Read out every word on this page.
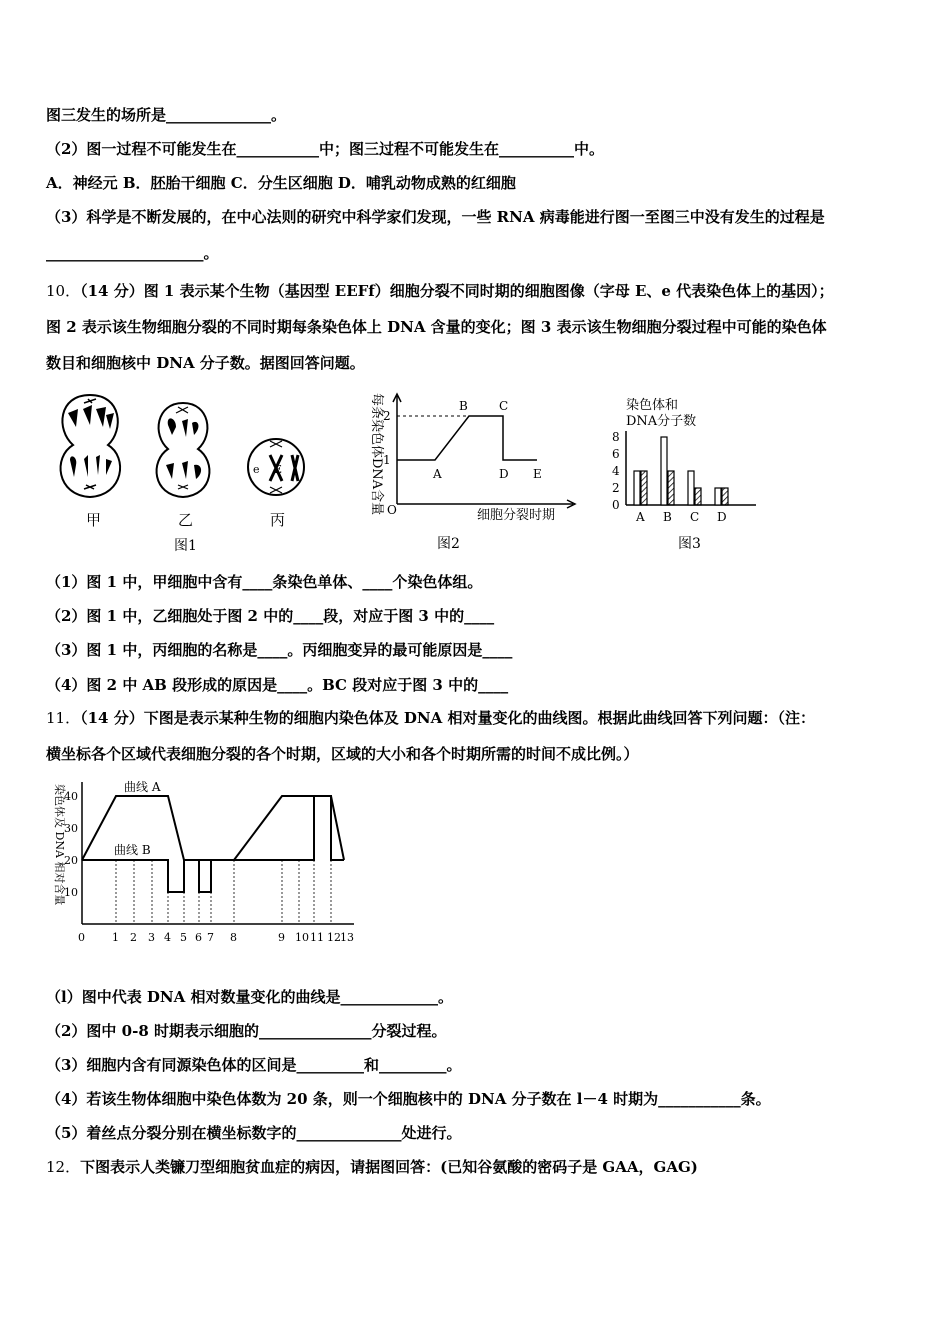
图三发生的场所是______________。
（2）图一过程不可能发生在___________中；图三过程不可能发生在__________中。
A．神经元 B．胚胎干细胞 C．分生区细胞 D．哺乳动物成熟的红细胞
（3）科学是不断发展的，在中心法则的研究中科学家们发现，一些 RNA 病毒能进行图一至图三中没有发生的过程是
_____________________。
10．（14 分）图 1 表示某个生物（基因型 EEFf）细胞分裂不同时期的细胞图像（字母 E、e 代表染色体上的基因）；
图 2 表示该生物细胞分裂的不同时期每条染色体上 DNA 含量的变化；图 3 表示该生物细胞分裂过程中可能的染色体
数目和细胞核中 DNA 分子数。据图回答问题。
甲	乙
e E
丙
图1
每条染色体DNA含量 O
1
2
A
B	C
D E
细胞分裂时期
图2
染色体和
DNA分子数
0
2
4
6
8
A B C D
图3
（1）图 1 中，甲细胞中含有____条染色单体、____个染色体组。
（2）图 1 中，乙细胞处于图 2 中的____段，对应于图 3 中的____
（3）图 1 中，丙细胞的名称是____。丙细胞变异的最可能原因是____
（4）图 2 中 AB 段形成的原因是____。BC 段对应于图 3 中的____
11．（14 分）下图是表示某种生物的细胞内染色体及 DNA 相对量变化的曲线图。根据此曲线回答下列问题：（注：
横坐标各个区域代表细胞分裂的各个时期，区域的大小和各个时期所需的时间不成比例。）
染色体及 DNA 相对含量
10
20
30
40
0 1 2 3 4 5 6 7 8	9 10 11 12 13
曲线 A
曲线 B
（l）图中代表 DNA 相对数量变化的曲线是_____________。
（2）图中 0-8 时期表示细胞的_______________分裂过程。
（3）细胞内含有同源染色体的区间是_________和_________。
（4）若该生物体细胞中染色体数为 20 条，则一个细胞核中的 DNA 分子数在 l－4 时期为___________条。
（5）着丝点分裂分别在横坐标数字的______________处进行。
12．下图表示人类镰刀型细胞贫血症的病因，请据图回答：(已知谷氨酸的密码子是 GAA，GAG)
